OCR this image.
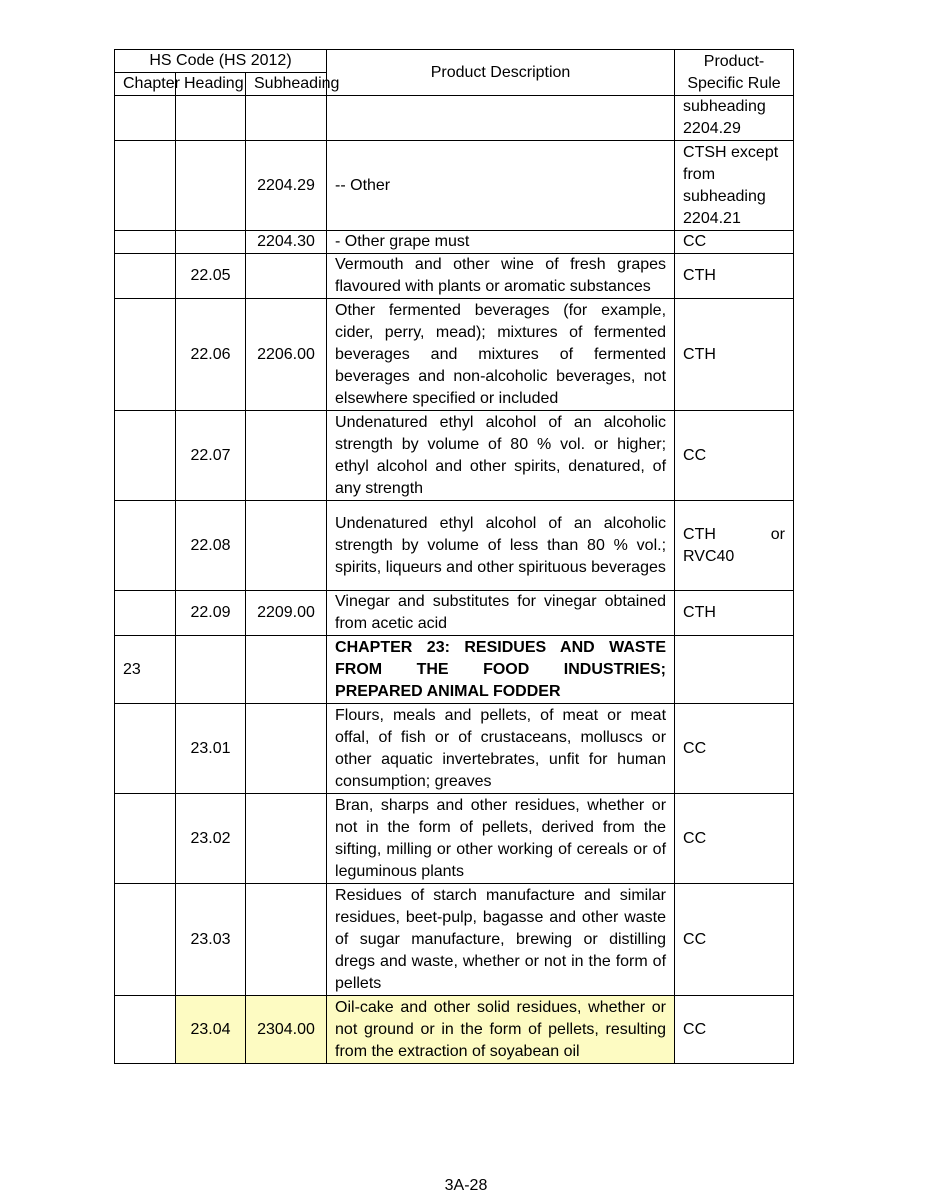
HS Code (HS 2012)			Product Description	Product-Specific Rule
Chapter	Heading	Subheading		
				subheading 2204.29
		2204.29	-- Other	CTSH except from subheading 2204.21
		2204.30	- Other grape must	CC
	22.05		Vermouth and other wine of fresh grapes flavoured with plants or aromatic substances	CTH
	22.06	2206.00	Other fermented beverages (for example, cider, perry, mead); mixtures of fermented beverages and mixtures of fermented beverages and non-alcoholic beverages, not elsewhere specified or included	CTH
	22.07		Undenatured ethyl alcohol of an alcoholic strength by volume of 80 % vol. or higher; ethyl alcohol and other spirits, denatured, of any strength	CC
	22.08		Undenatured ethyl alcohol of an alcoholic strength by volume of less than 80 % vol.; spirits, liqueurs and other spirituous beverages	CTH or RVC40
	22.09	2209.00	Vinegar and substitutes for vinegar obtained from acetic acid	CTH
23			CHAPTER 23: RESIDUES AND WASTE FROM THE FOOD INDUSTRIES; PREPARED ANIMAL FODDER	
	23.01		Flours, meals and pellets, of meat or meat offal, of fish or of crustaceans, molluscs or other aquatic invertebrates, unfit for human consumption; greaves	CC
	23.02		Bran, sharps and other residues, whether or not in the form of pellets, derived from the sifting, milling or other working of cereals or of leguminous plants	CC
	23.03		Residues of starch manufacture and similar residues, beet-pulp, bagasse and other waste of sugar manufacture, brewing or distilling dregs and waste, whether or not in the form of pellets	CC
	23.04	2304.00	Oil-cake and other solid residues, whether or not ground or in the form of pellets, resulting from the extraction of soyabean oil	CC
3A-28
